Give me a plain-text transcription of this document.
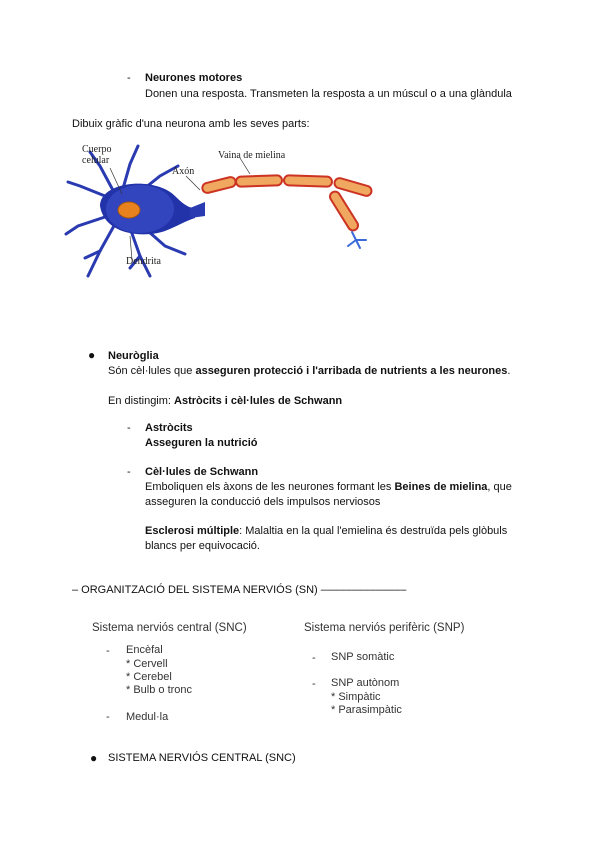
- Neurones motores
Donen una resposta. Transmeten la resposta a un múscul o a una glàndula
Dibuix gràfic d'una neurona amb les seves parts:
Cuerpo
celular
Axón
Vaina de mielina
Dendrita
● Neuròglia
Són cèl·lules que asseguren protecció i l'arribada de nutrients a les neurones.
En distingim: Astròcits i cèl·lules de Schwann
- Astròcits
Asseguren la nutrició
- Cèl·lules de Schwann
Emboliquen els àxons de les neurones formant les Beines de mielina, que
asseguren la conducció dels impulsos nerviosos
Esclerosi múltiple: Malaltia en la qual l'emielina és destruïda pels glòbuls
blancs per equivocació.
– ORGANITZACIÓ DEL SISTEMA NERVIÓS (SN) ––––––––––––––
Sistema nerviós central (SNC)
- Encèfal
* Cervell
* Cerebel
* Bulb o tronc
- Medul·la
Sistema nerviós perifèric (SNP)
- SNP somàtic
- SNP autònom
* Simpàtic
* Parasimpàtic
● SISTEMA NERVIÓS CENTRAL (SNC)
